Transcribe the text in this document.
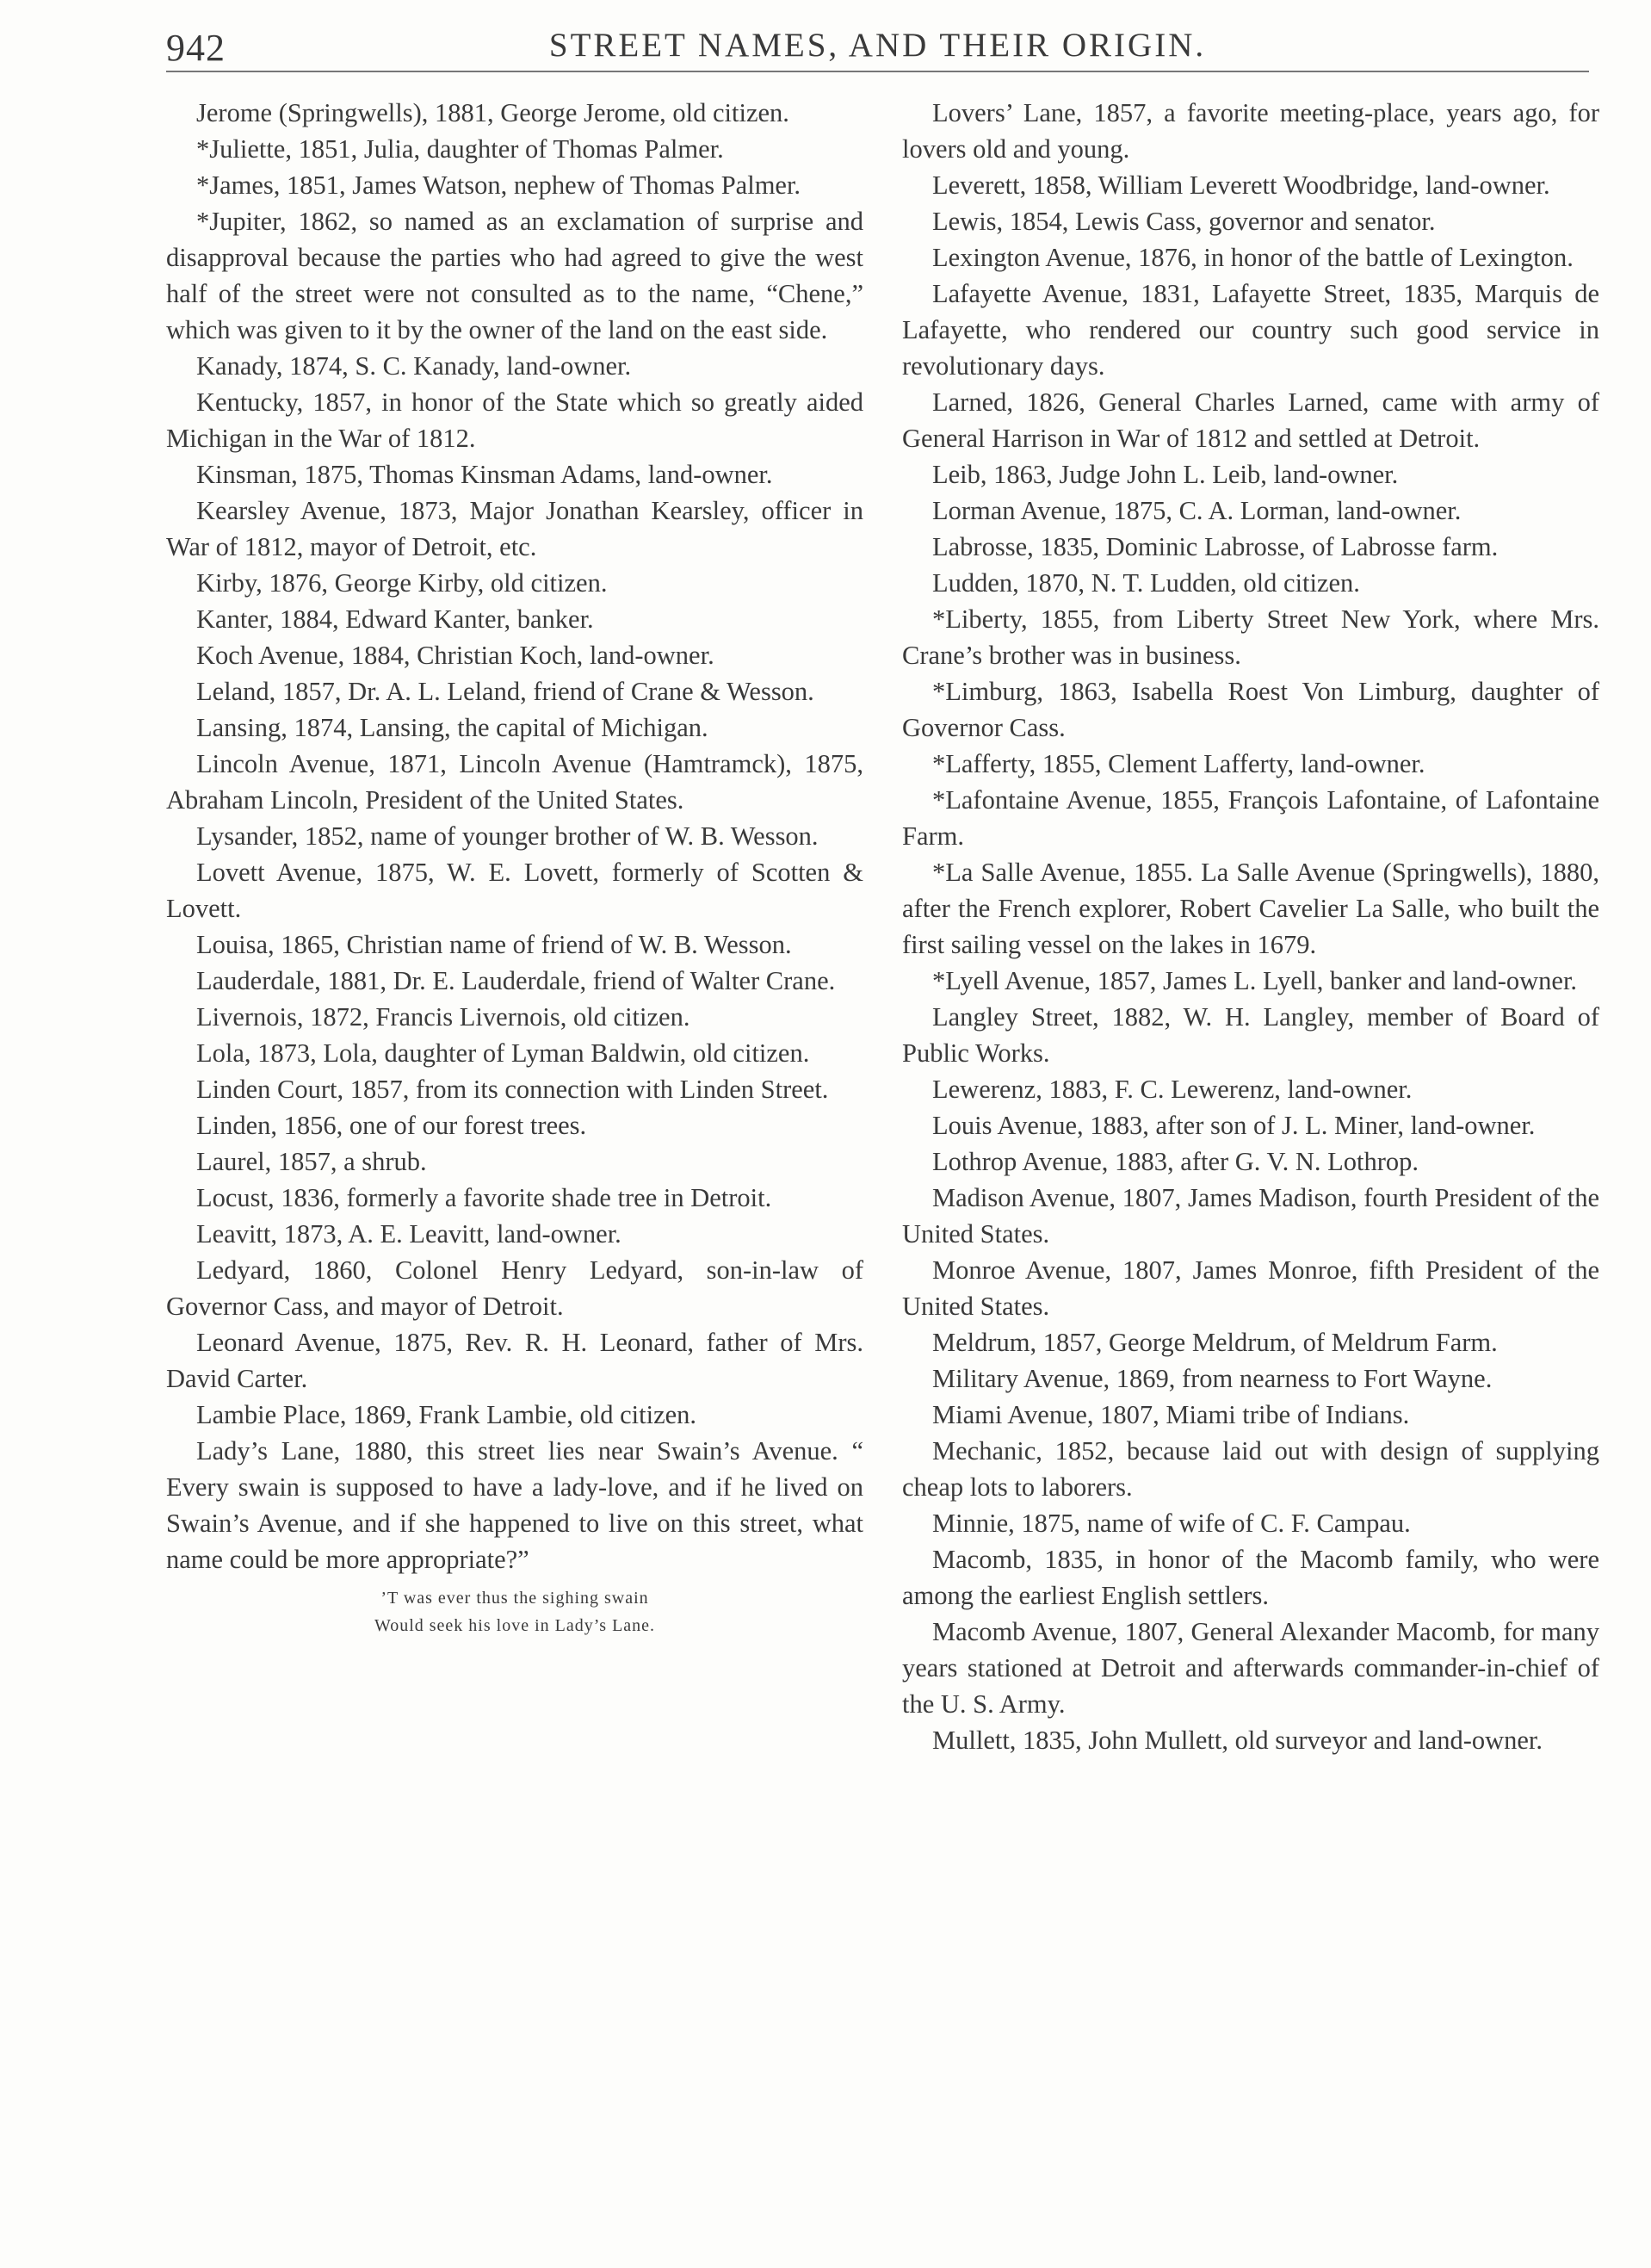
942	STREET NAMES, AND THEIR ORIGIN.

Jerome (Springwells), 1881, George Jerome, old citizen.

*Juliette, 1851, Julia, daughter of Thomas Palmer.

*James, 1851, James Watson, nephew of Thomas Palmer.

*Jupiter, 1862, so named as an exclamation of surprise and disapproval because the parties who had agreed to give the west half of the street were not consulted as to the name, “Chene,” which was given to it by the owner of the land on the east side.

Kanady, 1874, S. C. Kanady, land-owner.

Kentucky, 1857, in honor of the State which so greatly aided Michigan in the War of 1812.

Kinsman, 1875, Thomas Kinsman Adams, land-owner.

Kearsley Avenue, 1873, Major Jonathan Kearsley, officer in War of 1812, mayor of Detroit, etc.

Kirby, 1876, George Kirby, old citizen.

Kanter, 1884, Edward Kanter, banker.

Koch Avenue, 1884, Christian Koch, land-owner.

Leland, 1857, Dr. A. L. Leland, friend of Crane & Wesson.

Lansing, 1874, Lansing, the capital of Michigan.

Lincoln Avenue, 1871, Lincoln Avenue (Hamtramck), 1875, Abraham Lincoln, President of the United States.

Lysander, 1852, name of younger brother of W. B. Wesson.

Lovett Avenue, 1875, W. E. Lovett, formerly of Scotten & Lovett.

Louisa, 1865, Christian name of friend of W. B. Wesson.

Lauderdale, 1881, Dr. E. Lauderdale, friend of Walter Crane.

Livernois, 1872, Francis Livernois, old citizen.

Lola, 1873, Lola, daughter of Lyman Baldwin, old citizen.

Linden Court, 1857, from its connection with Linden Street.

Linden, 1856, one of our forest trees.

Laurel, 1857, a shrub.

Locust, 1836, formerly a favorite shade tree in Detroit.

Leavitt, 1873, A. E. Leavitt, land-owner.

Ledyard, 1860, Colonel Henry Ledyard, son-in-law of Governor Cass, and mayor of Detroit.

Leonard Avenue, 1875, Rev. R. H. Leonard, father of Mrs. David Carter.

Lambie Place, 1869, Frank Lambie, old citizen.

Lady’s Lane, 1880, this street lies near Swain’s Avenue. “ Every swain is supposed to have a lady-love, and if he lived on Swain’s Avenue, and if she happened to live on this street, what name could be more appropriate?”

’T was ever thus the sighing swain
Would seek his love in Lady’s Lane.

Lovers’ Lane, 1857, a favorite meeting-place, years ago, for lovers old and young.

Leverett, 1858, William Leverett Woodbridge, land-owner.

Lewis, 1854, Lewis Cass, governor and senator.

Lexington Avenue, 1876, in honor of the battle of Lexington.

Lafayette Avenue, 1831, Lafayette Street, 1835, Marquis de Lafayette, who rendered our country such good service in revolutionary days.

Larned, 1826, General Charles Larned, came with army of General Harrison in War of 1812 and settled at Detroit.

Leib, 1863, Judge John L. Leib, land-owner.

Lorman Avenue, 1875, C. A. Lorman, land-owner.

Labrosse, 1835, Dominic Labrosse, of Labrosse farm.

Ludden, 1870, N. T. Ludden, old citizen.

*Liberty, 1855, from Liberty Street New York, where Mrs. Crane’s brother was in business.

*Limburg, 1863, Isabella Roest Von Limburg, daughter of Governor Cass.

*Lafferty, 1855, Clement Lafferty, land-owner.

*Lafontaine Avenue, 1855, François Lafontaine, of Lafontaine Farm.

*La Salle Avenue, 1855. La Salle Avenue (Springwells), 1880, after the French explorer, Robert Cavelier La Salle, who built the first sailing vessel on the lakes in 1679.

*Lyell Avenue, 1857, James L. Lyell, banker and land-owner.

Langley Street, 1882, W. H. Langley, member of Board of Public Works.

Lewerenz, 1883, F. C. Lewerenz, land-owner.

Louis Avenue, 1883, after son of J. L. Miner, land-owner.

Lothrop Avenue, 1883, after G. V. N. Lothrop.

Madison Avenue, 1807, James Madison, fourth President of the United States.

Monroe Avenue, 1807, James Monroe, fifth President of the United States.

Meldrum, 1857, George Meldrum, of Meldrum Farm.

Military Avenue, 1869, from nearness to Fort Wayne.

Miami Avenue, 1807, Miami tribe of Indians.

Mechanic, 1852, because laid out with design of supplying cheap lots to laborers.

Minnie, 1875, name of wife of C. F. Campau.

Macomb, 1835, in honor of the Macomb family, who were among the earliest English settlers.

Macomb Avenue, 1807, General Alexander Macomb, for many years stationed at Detroit and afterwards commander-in-chief of the U. S. Army.

Mullett, 1835, John Mullett, old surveyor and land-owner.
